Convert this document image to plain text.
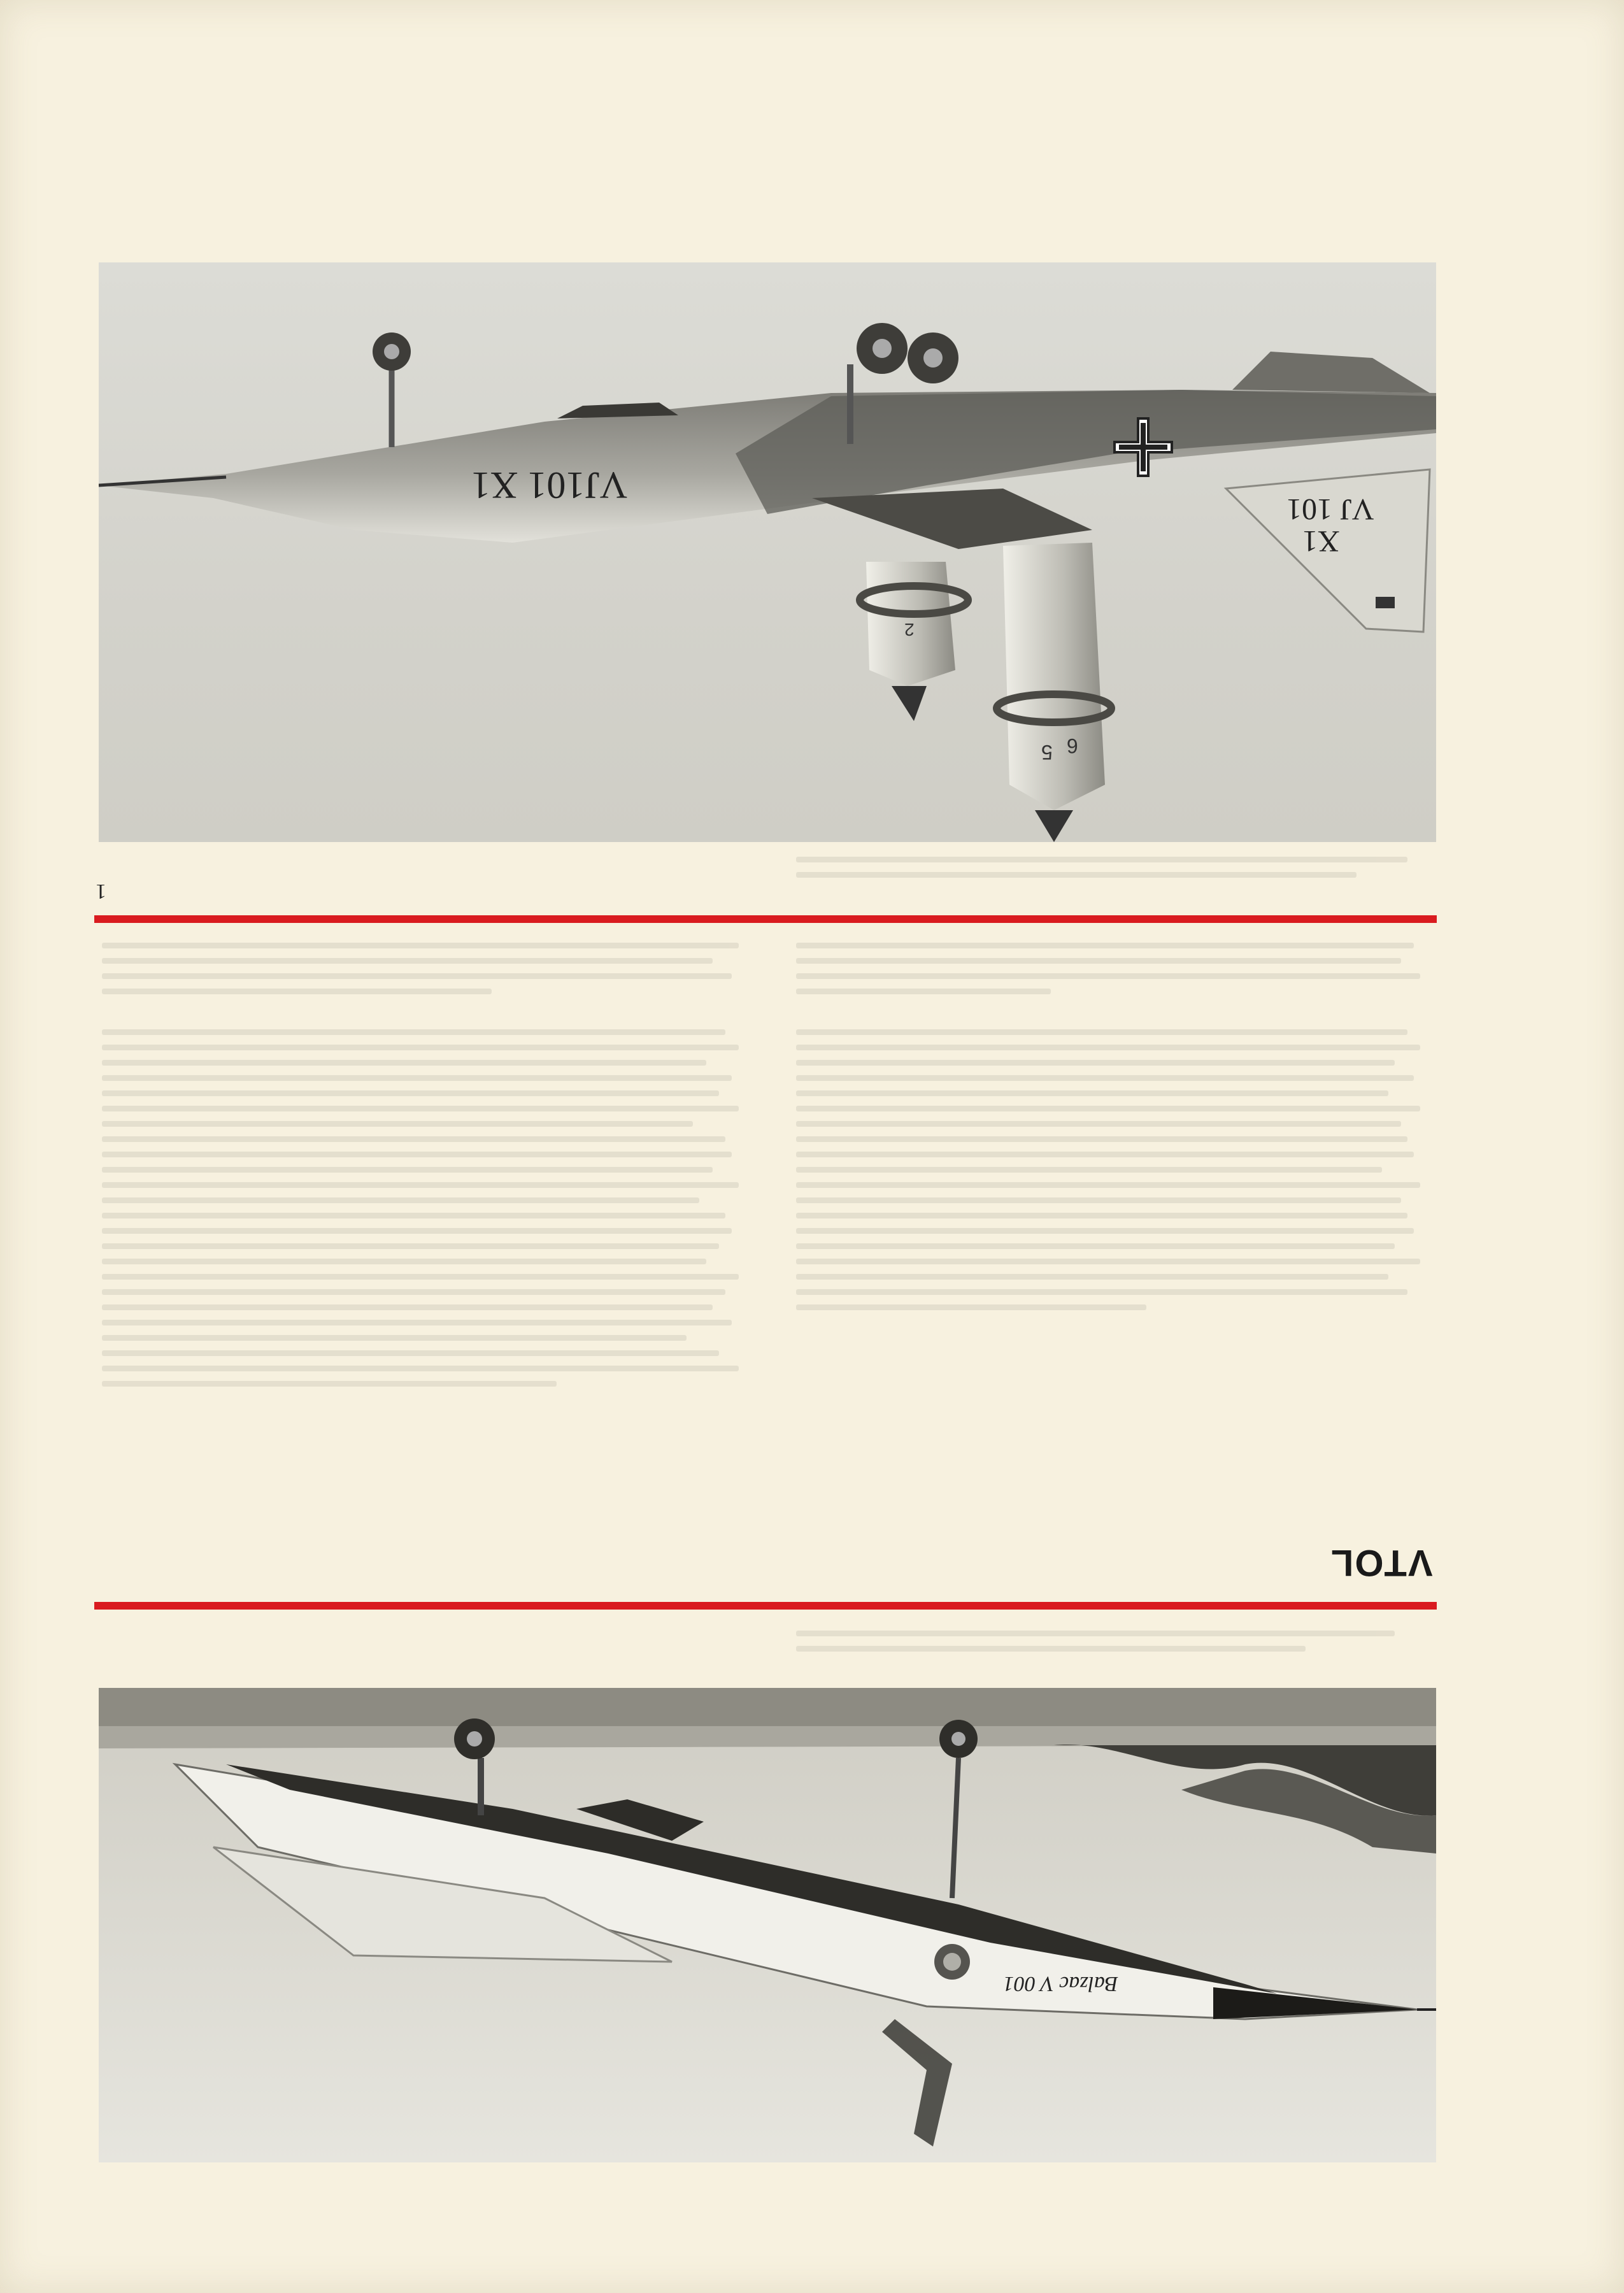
VJ101 X1
VJ 101
X1
2
5 6
1
VTOL
Balzac V 001
